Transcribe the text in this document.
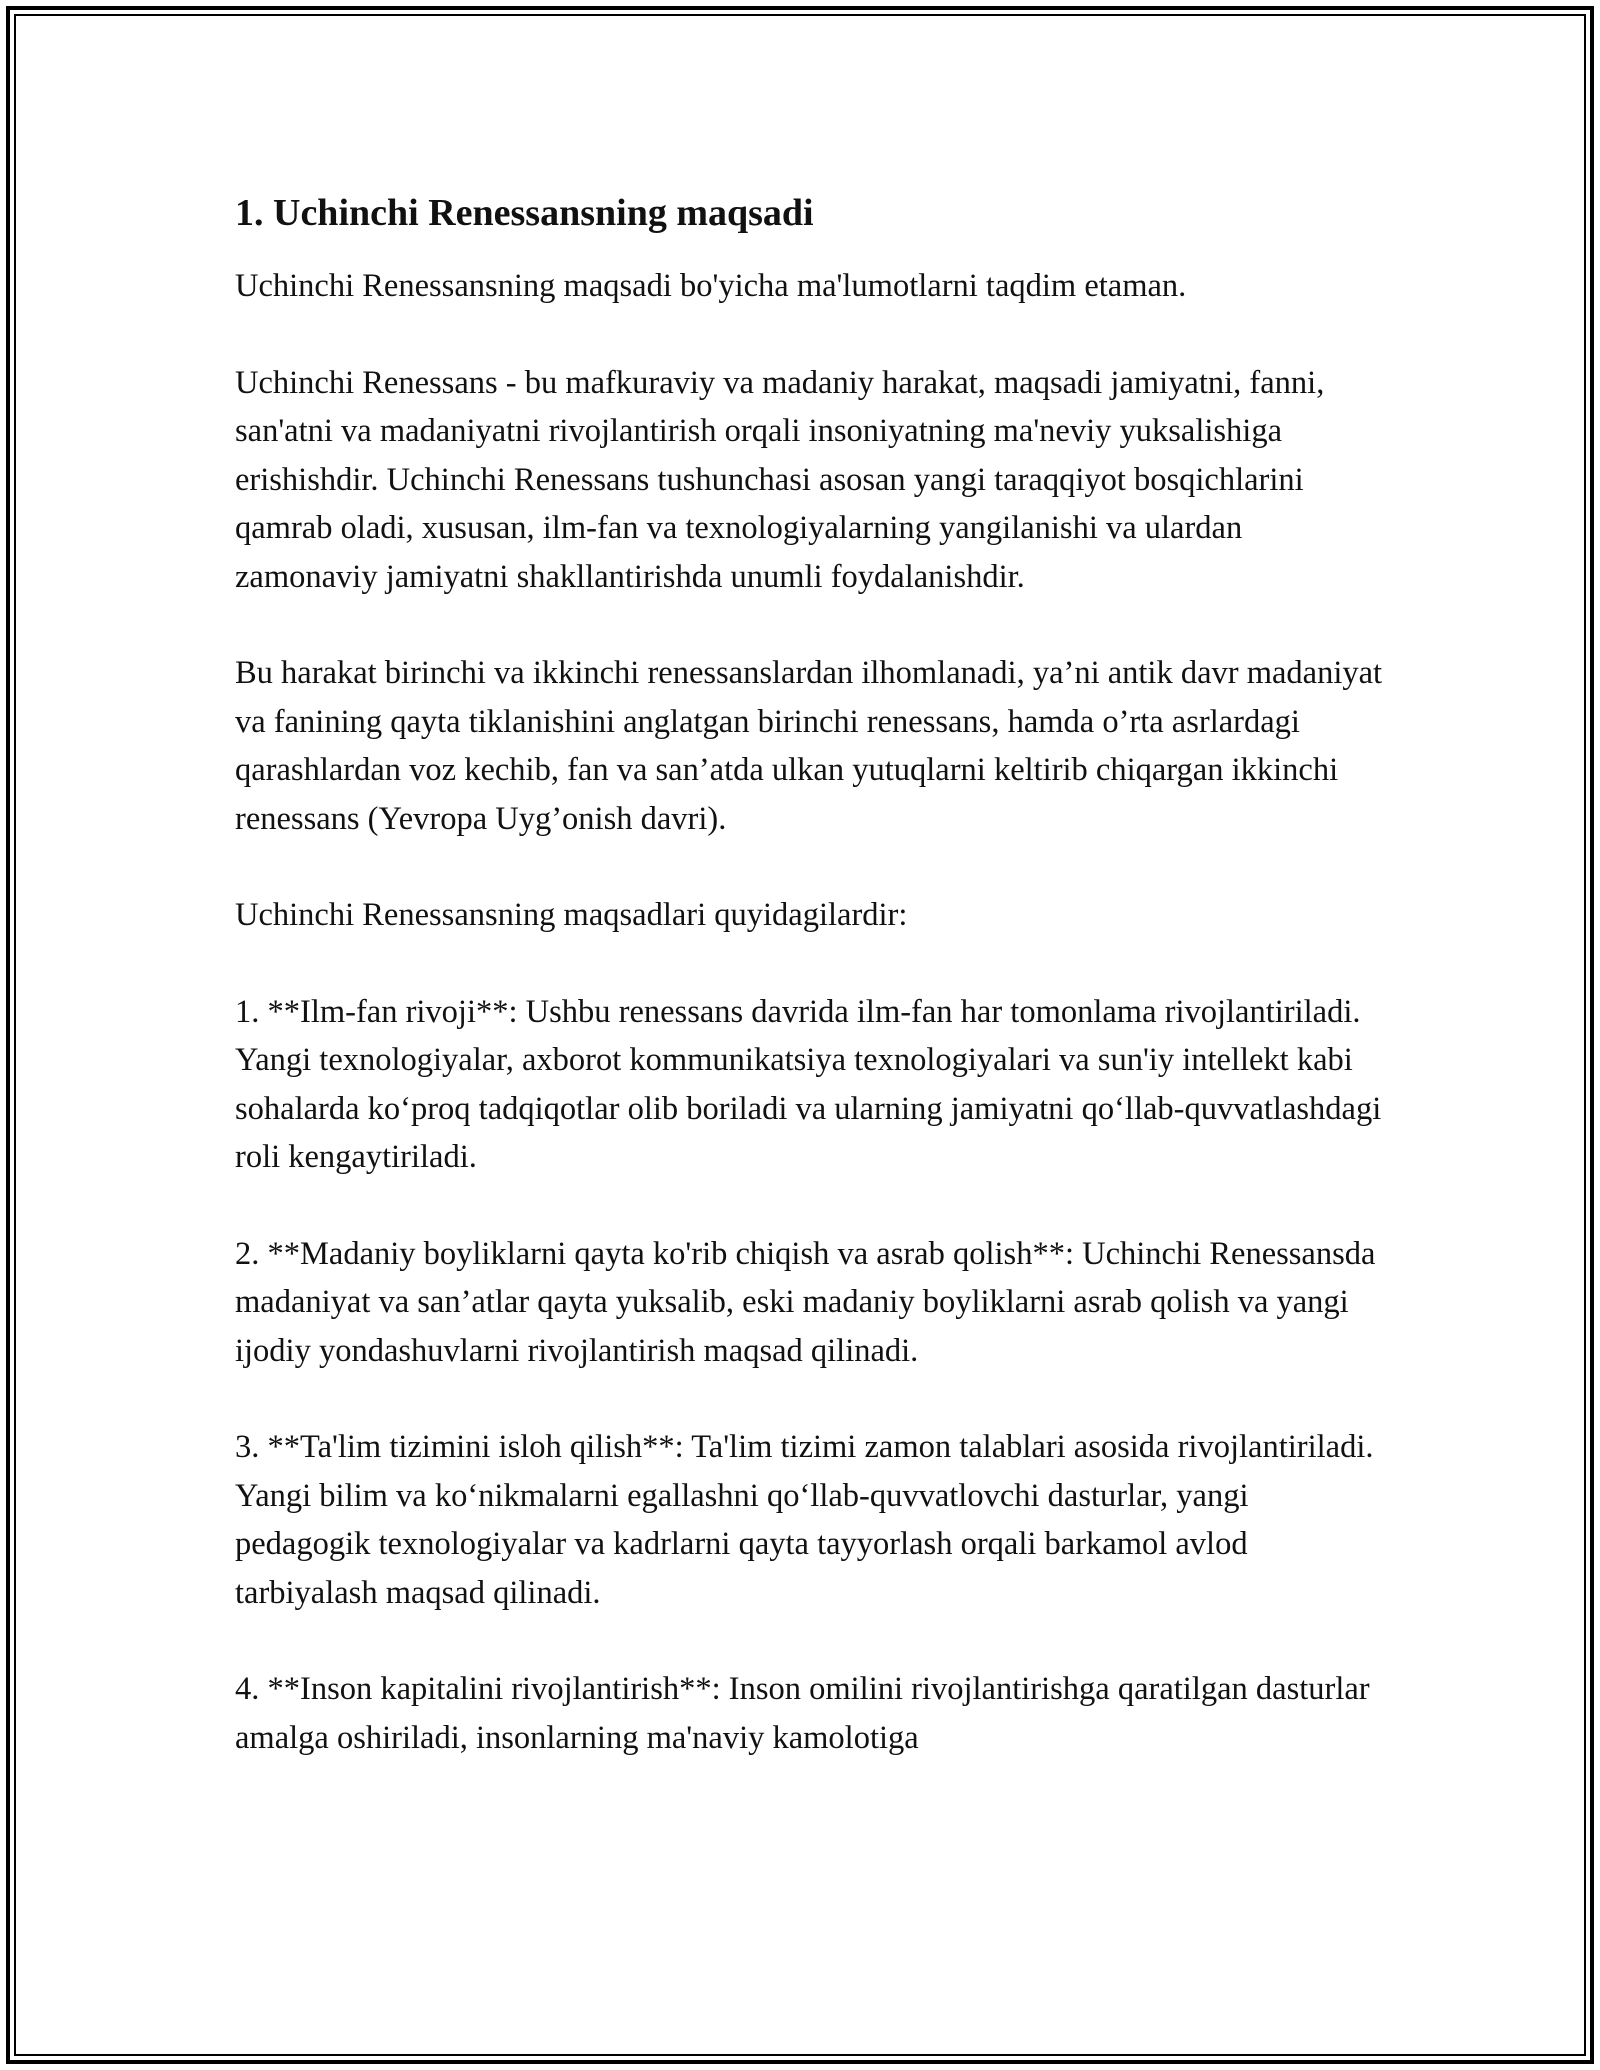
1. Uchinchi Renessansning maqsadi

Uchinchi Renessansning maqsadi bo'yicha ma'lumotlarni taqdim etaman.

Uchinchi Renessans - bu mafkuraviy va madaniy harakat, maqsadi jamiyatni, fanni, san'atni va madaniyatni rivojlantirish orqali insoniyatning ma'neviy yuksalishiga erishishdir. Uchinchi Renessans tushunchasi asosan yangi taraqqiyot bosqichlarini qamrab oladi, xususan, ilm-fan va texnologiyalarning yangilanishi va ulardan zamonaviy jamiyatni shakllantirishda unumli foydalanishdir.

Bu harakat birinchi va ikkinchi renessanslardan ilhomlanadi, ya’ni antik davr madaniyat va fanining qayta tiklanishini anglatgan birinchi renessans, hamda o’rta asrlardagi qarashlardan voz kechib, fan va san’atda ulkan yutuqlarni keltirib chiqargan ikkinchi renessans (Yevropa Uyg’onish davri).

Uchinchi Renessansning maqsadlari quyidagilardir:

1. **Ilm-fan rivoji**: Ushbu renessans davrida ilm-fan har tomonlama rivojlantiriladi. Yangi texnologiyalar, axborot kommunikatsiya texnologiyalari va sun'iy intellekt kabi sohalarda ko‘proq tadqiqotlar olib boriladi va ularning jamiyatni qo‘llab-quvvatlashdagi roli kengaytiriladi.

2. **Madaniy boyliklarni qayta ko'rib chiqish va asrab qolish**: Uchinchi Renessansda madaniyat va san’atlar qayta yuksalib, eski madaniy boyliklarni asrab qolish va yangi ijodiy yondashuvlarni rivojlantirish maqsad qilinadi.

3. **Ta'lim tizimini isloh qilish**: Ta'lim tizimi zamon talablari asosida rivojlantiriladi. Yangi bilim va ko‘nikmalarni egallashni qo‘llab-quvvatlovchi dasturlar, yangi pedagogik texnologiyalar va kadrlarni qayta tayyorlash orqali barkamol avlod tarbiyalash maqsad qilinadi.

4. **Inson kapitalini rivojlantirish**: Inson omilini rivojlantirishga qaratilgan dasturlar amalga oshiriladi, insonlarning ma'naviy kamolotiga
